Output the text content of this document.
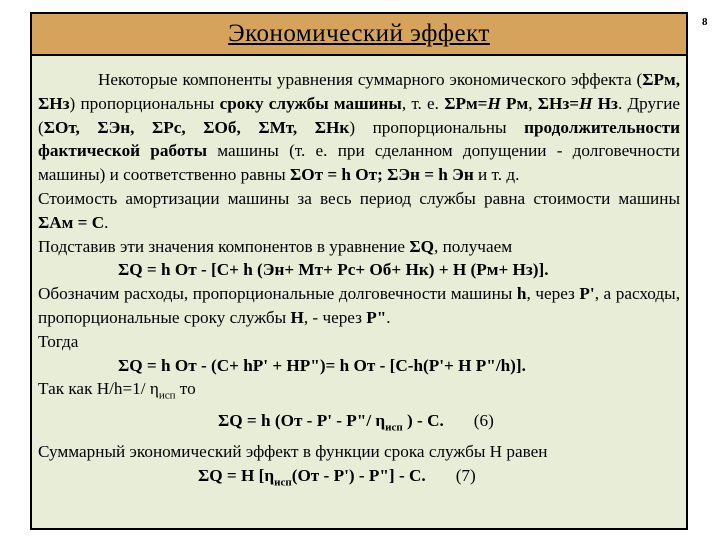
8
Экономический эффект

Некоторые компоненты уравнения суммарного экономического эффекта (ΣРм, ΣНз) пропорциональны сроку службы машины, т. е. ΣРм=Н Рм, ΣНз=Н Нз. Другие (ΣОт, ΣЭн, ΣРс, ΣОб, ΣМт, ΣНк) пропорциональны продолжительности фактической работы машины (т. е. при сделанном допущении - долговечности машины) и соответственно равны ΣОт = h От; ΣЭн = h Эн и т. д.

Стоимость амортизации машины за весь период службы равна стоимости машины ΣАм = С.

Подставив эти значения компонентов в уравнение ΣQ, получаем

ΣQ = h От - [С+ h (Эн+ Мт+ Рс+ Об+ Нк) + Н (Рм+ Нз)].

Обозначим расходы, пропорциональные долговечности машины h, через Р', а расходы, пропорциональные сроку службы Н, - через Р".

Тогда

ΣQ = h От - (С+ hР' + НР")= h От - [С-h(Р'+ Н Р"/h)].

Так как Н/h=1/ $\eta_{исп}$ то

ΣQ = h (От - Р' - Р"/ $\eta_{исп}$ ) - С. (6)

Суммарный экономический эффект в функции срока службы Н равен

ΣQ = Н [$\eta_{исп}(От - Р')$ - Р"] - С. (7)
